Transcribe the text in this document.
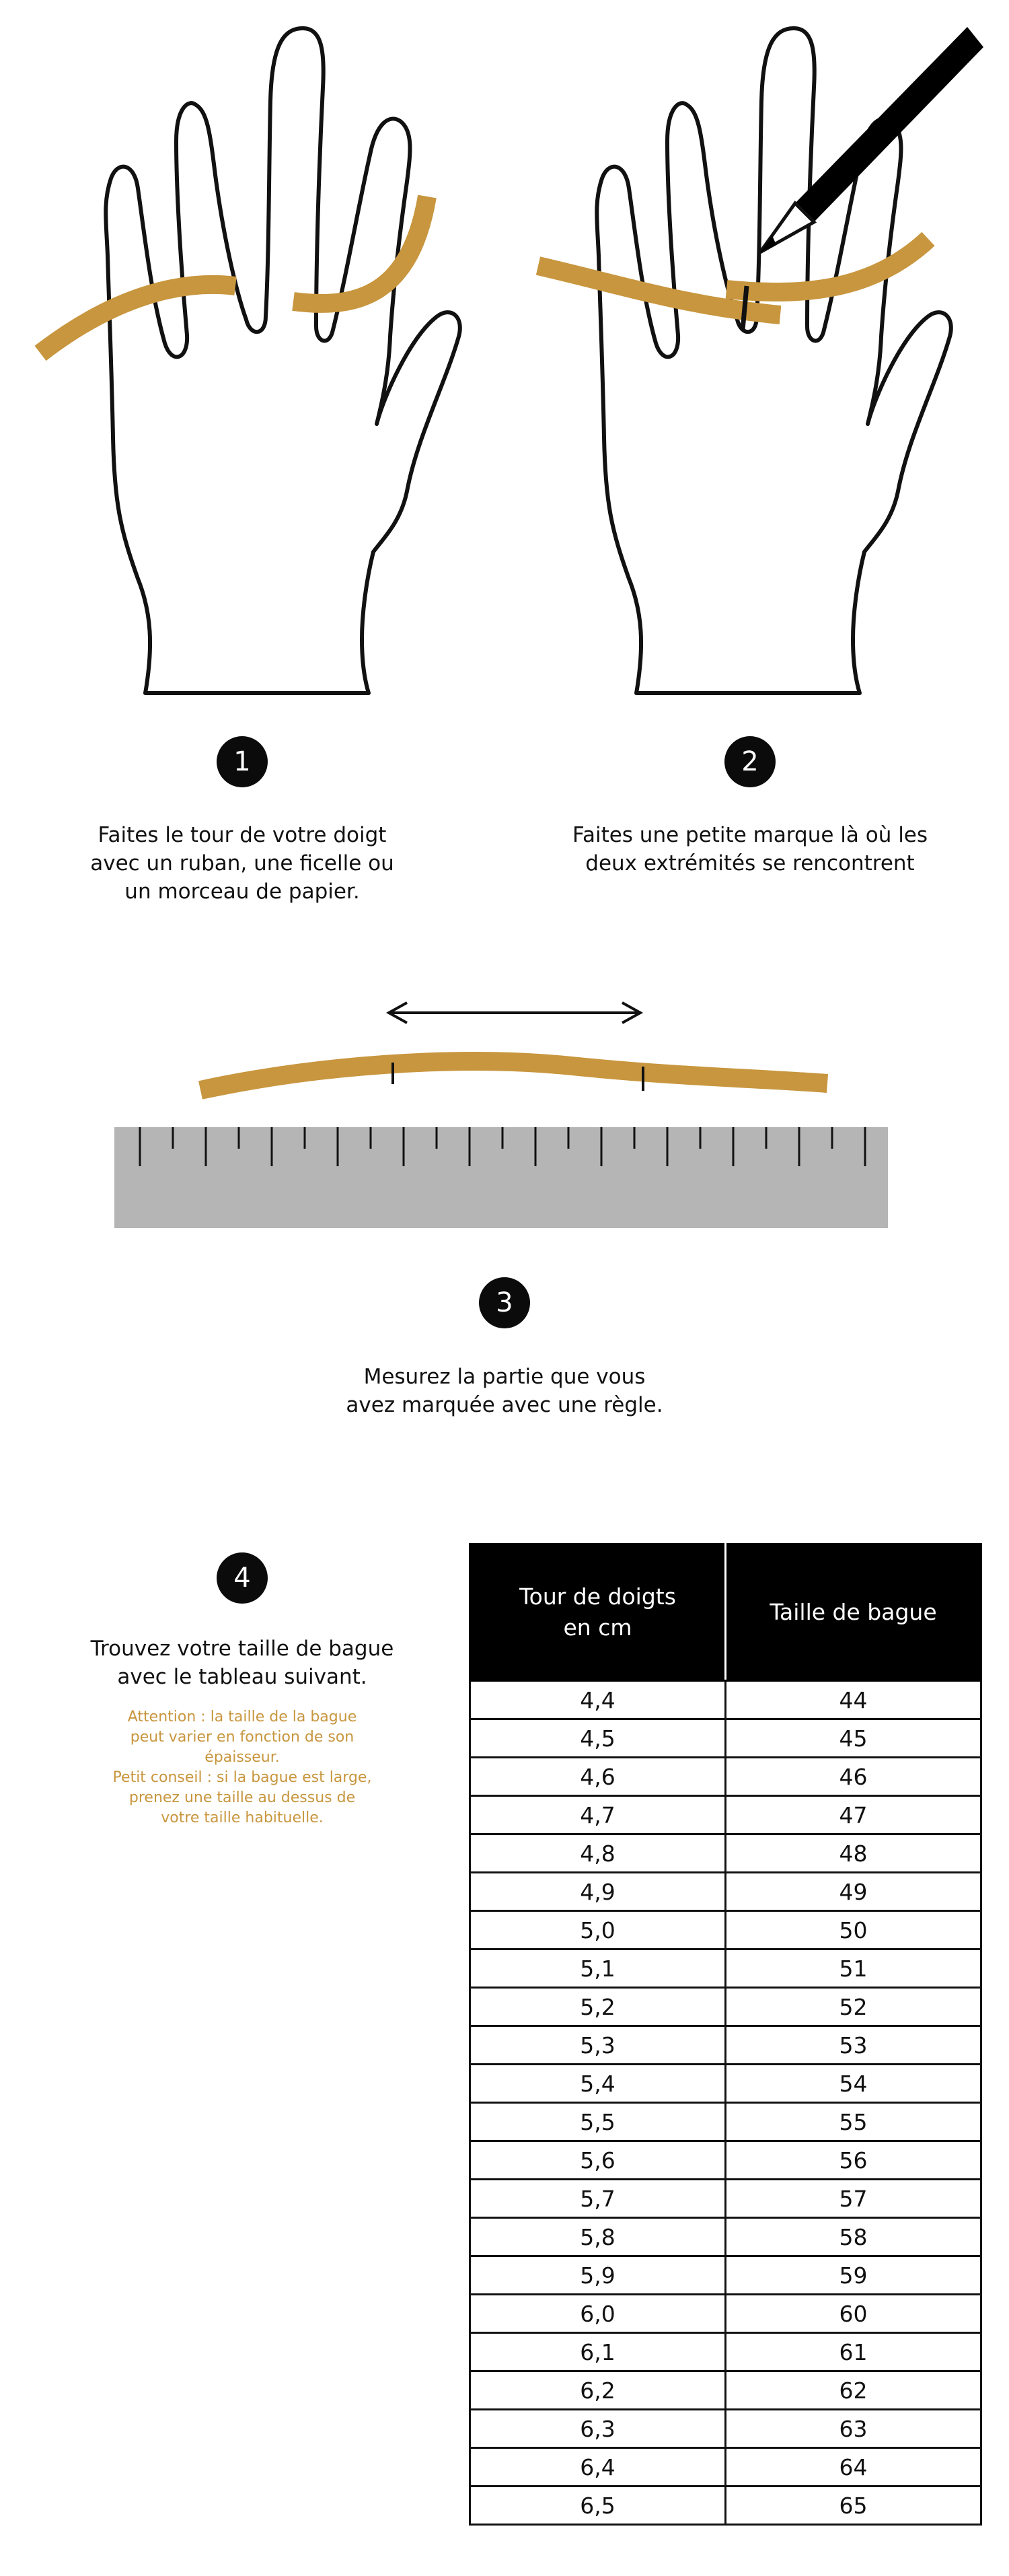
1
Faites le tour de votre doigt
avec un ruban, une ficelle ou
un morceau de papier.
2
Faites une petite marque là où les
deux extrémités se rencontrent
3
Mesurez la partie que vous
avez marquée avec une règle.
4
Trouvez votre taille de bague
avec le tableau suivant.
Attention : la taille de la bague
peut varier en fonction de son
épaisseur.
Petit conseil : si la bague est large,
prenez une taille au dessus de
votre taille habituelle.
Tour de doigts
en cm	Taille de bague
4,4	44
4,5	45
4,6	46
4,7	47
4,8	48
4,9	49
5,0	50
5,1	51
5,2	52
5,3	53
5,4	54
5,5	55
5,6	56
5,7	57
5,8	58
5,9	59
6,0	60
6,1	61
6,2	62
6,3	63
6,4	64
6,5	65
